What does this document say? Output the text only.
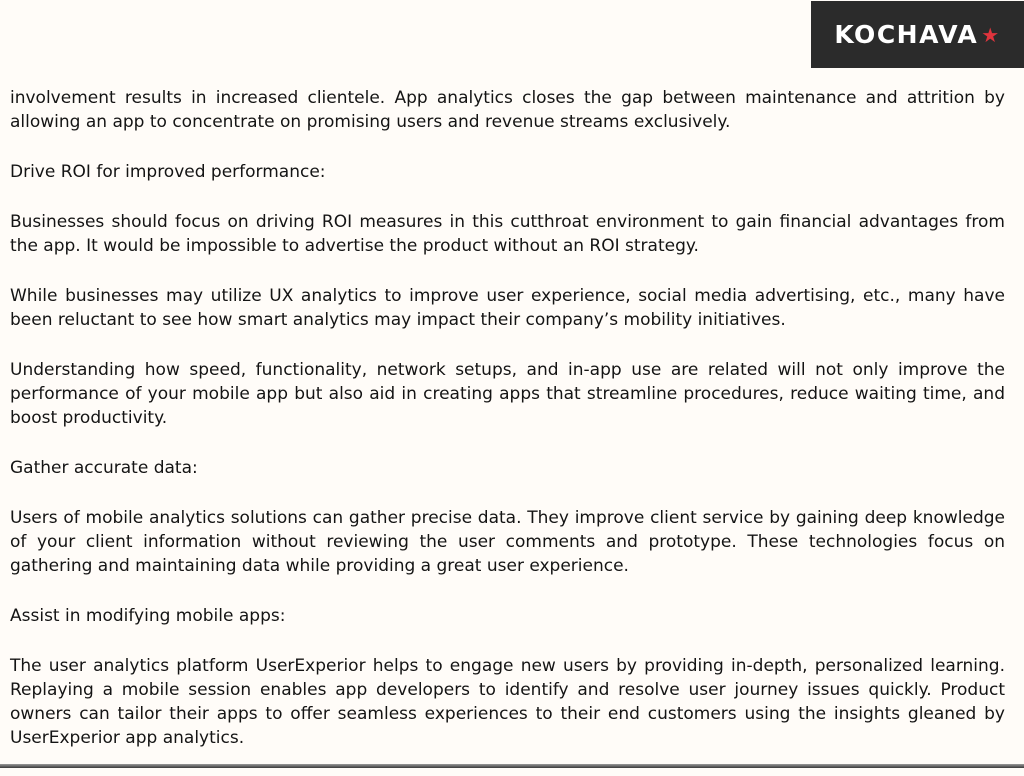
KOCHAVA ★

involvement results in increased clientele. App analytics closes the gap between maintenance and attrition by allowing an app to concentrate on promising users and revenue streams exclusively.

Drive ROI for improved performance:

Businesses should focus on driving ROI measures in this cutthroat environment to gain financial advantages from the app. It would be impossible to advertise the product without an ROI strategy.

While businesses may utilize UX analytics to improve user experience, social media advertising, etc., many have been reluctant to see how smart analytics may impact their company’s mobility initiatives.

Understanding how speed, functionality, network setups, and in-app use are related will not only improve the performance of your mobile app but also aid in creating apps that streamline procedures, reduce waiting time, and boost productivity.

Gather accurate data:

Users of mobile analytics solutions can gather precise data. They improve client service by gaining deep knowledge of your client information without reviewing the user comments and prototype. These technologies focus on gathering and maintaining data while providing a great user experience.

Assist in modifying mobile apps:

The user analytics platform UserExperior helps to engage new users by providing in-depth, personalized learning. Replaying a mobile session enables app developers to identify and resolve user journey issues quickly. Product owners can tailor their apps to offer seamless experiences to their end customers using the insights gleaned by UserExperior app analytics.
